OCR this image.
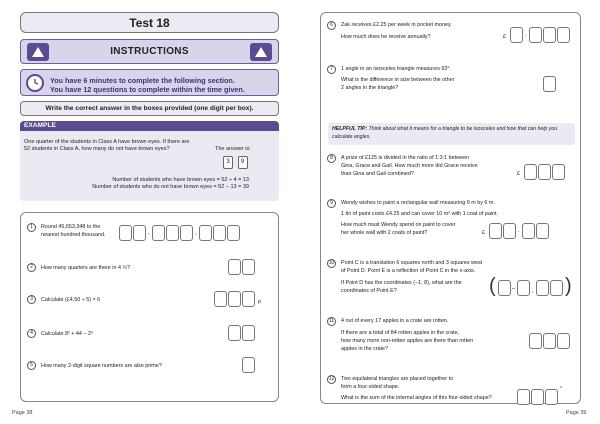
Test 18
INSTRUCTIONS
You have 6 minutes to complete the following section.
You have 12 questions to complete within the time given.
Write the correct answer in the boxes provided (one digit per box).
EXAMPLE
One quarter of the students in Class A have brown eyes. If there are
52 students in Class A, how many do not have brown eyes?	The answer is:
3 9
Number of students who have brown eyes = 52 ÷ 4 = 13
Number of students who do not have brown eyes = 52 − 13 = 39
1	Round 45,653,348 to the
nearest hundred thousand.	,	,
2	How many quarters are there in 4 ½?
3	Calculate (£4.50 ÷ 5) × 6	p
4	Calculate 8² + 44 − 2³
5	How many 2-digit square numbers are also prime?
Page 38
6	Zak receives £2.25 per week in pocket money.
How much does he receive annually?	£	.
7	1 angle in an isosceles triangle measures 93°.
What is the difference in size between the other
2 angles in the triangle?
HELPFUL TIP: Think about what it means for a triangle to be isosceles and how that can help you calculate angles.
8	A prize of £125 is divided in the ratio of 1:3:1 between
Gina, Grace and Gail. How much more did Grace receive
than Gina and Gail combined?	£
9	Wendy wishes to paint a rectangular wall measuring 9 m by 6 m.
1 tin of paint costs £4.25 and can cover 10 m² with 1 coat of paint.
How much must Wendy spend on paint to cover
her whole wall with 2 coats of paint?	£	.
10	Point C is a translation 6 squares north and 3 squares west
of Point D. Point E is a reflection of Point C in the x-axis.
If Point D has the coordinates (−1, 8), what are the
coordinates of Point E?	(	–	, )
11	4 out of every 17 apples in a crate are rotten.
If there are a total of 84 rotten apples in the crate,
how many more non-rotten apples are there than rotten
apples in the crate?
12	Two equilateral triangles are placed together to
form a four-sided shape.
What is the sum of the internal angles of this four-sided shape?
°
Page 39
